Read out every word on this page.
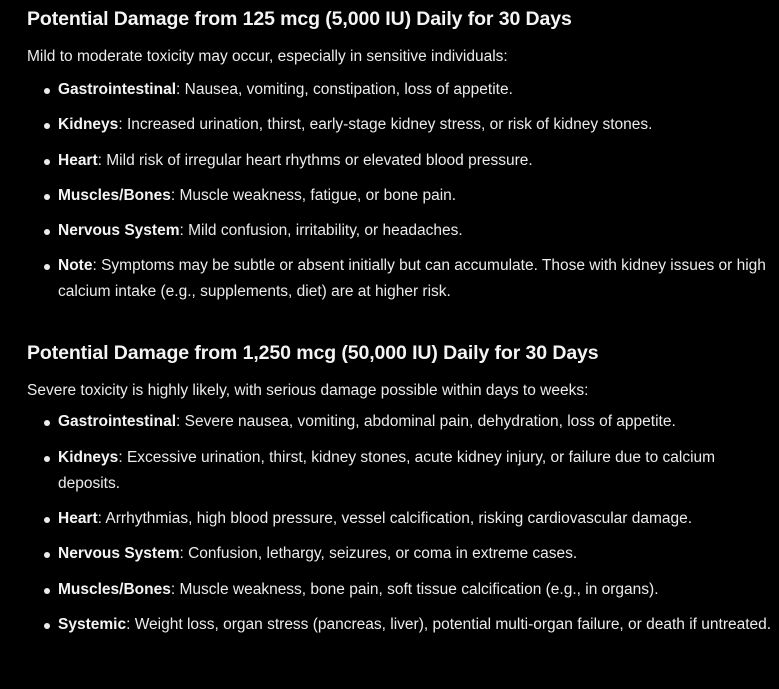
Potential Damage from 125 mcg (5,000 IU) Daily for 30 Days

Mild to moderate toxicity may occur, especially in sensitive individuals:

Gastrointestinal: Nausea, vomiting, constipation, loss of appetite.
Kidneys: Increased urination, thirst, early-stage kidney stress, or risk of kidney stones.
Heart: Mild risk of irregular heart rhythms or elevated blood pressure.
Muscles/Bones: Muscle weakness, fatigue, or bone pain.
Nervous System: Mild confusion, irritability, or headaches.
Note: Symptoms may be subtle or absent initially but can accumulate. Those with kidney issues or high calcium intake (e.g., supplements, diet) are at higher risk.
Potential Damage from 1,250 mcg (50,000 IU) Daily for 30 Days

Severe toxicity is highly likely, with serious damage possible within days to weeks:

Gastrointestinal: Severe nausea, vomiting, abdominal pain, dehydration, loss of appetite.
Kidneys: Excessive urination, thirst, kidney stones, acute kidney injury, or failure due to calcium deposits.
Heart: Arrhythmias, high blood pressure, vessel calcification, risking cardiovascular damage.
Nervous System: Confusion, lethargy, seizures, or coma in extreme cases.
Muscles/Bones: Muscle weakness, bone pain, soft tissue calcification (e.g., in organs).
Systemic: Weight loss, organ stress (pancreas, liver), potential multi-organ failure, or death if untreated.
